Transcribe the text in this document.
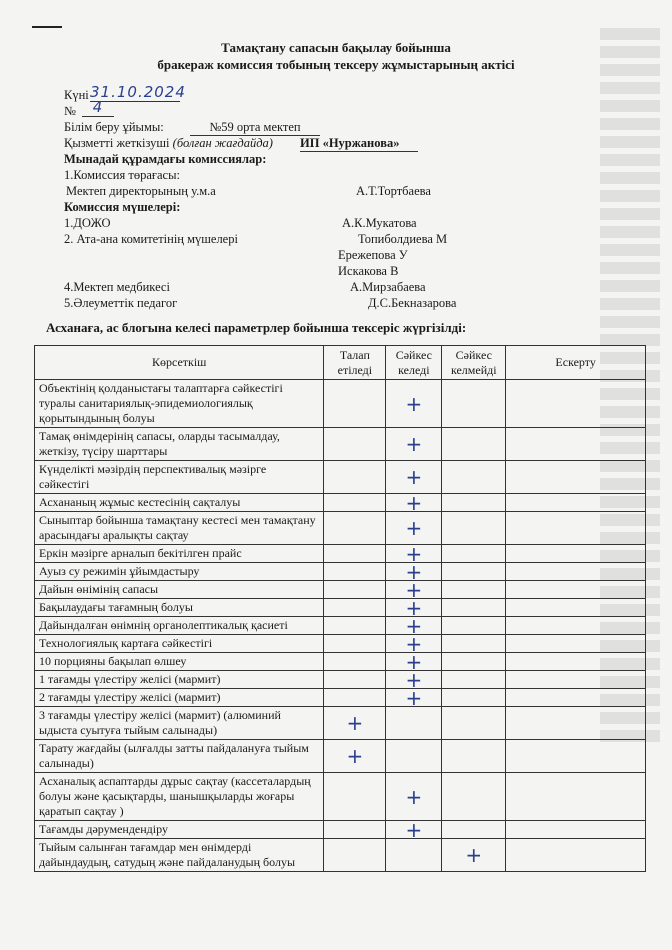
Тамақтану сапасын бақылау бойынша
бракераж комиссия тобының тексеру жұмыстарының актісі
Күні 31.10.2024
№	4
Білім беру ұйымы:	№59 орта мектеп
Қызметті жеткізуші (болған жағдайда) ИП «Нуржанова»
Мынадай құрамдағы комиссиялар:
1.Комиссия төрағасы:
Мектеп директорының у.м.а	А.Т.Тортбаева
Комиссия мүшелері:
1.ДОЖО	А.К.Мукатова
2. Ата-ана комитетінің мүшелері	Топиболдиева М
Ережепова У
Искакова В
4.Мектеп медбикесі	А.Мирзабаева
5.Әлеуметтік педагог	Д.С.Бекназарова
Асханаға, ас блогына келесі параметрлер бойынша тексеріс жүргізілді:
Көрсеткіш	Талап етіледі	Сәйкес келеді	Сәйкес келмейді	Ескерту
Объектінің қолданыстағы талаптарға сәйкестігі туралы санитариялық-эпидемиологиялық қорытындының болуы		+		
Тамақ өнімдерінің сапасы, оларды тасымалдау, жеткізу, түсіру шарттары		+		
Күнделікті мәзірдің перспективалық мәзірге сәйкестігі		+		
Асхананың жұмыс кестесінің сақталуы		+		
Сыныптар бойынша тамақтану кестесі мен тамақтану арасындағы аралықты сақтау		+		
Еркін мәзірге арналып бекітілген прайс		+		
Ауыз су режимін ұйымдастыру		+		
Дайын өнімінің сапасы		+		
Бақылаудағы тағамның болуы		+		
Дайындалған өнімнің органолептикалық қасиеті		+		
Технологиялық картаға сәйкестігі		+		
10 порцияны бақылап өлшеу		+		
1 тағамды үлестіру желісі (мармит)		+		
2 тағамды үлестіру желісі (мармит)		+		
3 тағамды үлестіру желісі (мармит) (алюминий ыдыста суытуға тыйым салынады)	+			
Тарату жағдайы (ылғалды затты пайдалануға тыйым салынады)	+			
Асханалық аспаптарды дұрыс сақтау (кассеталардың болуы және қасықтарды, шанышқыларды жоғары қаратып сақтау )		+		
Тағамды дәрумендендіру		+		
Тыйым салынған тағамдар мен өнімдерді дайындаудың, сатудың және пайдаланудың болуы			+	
